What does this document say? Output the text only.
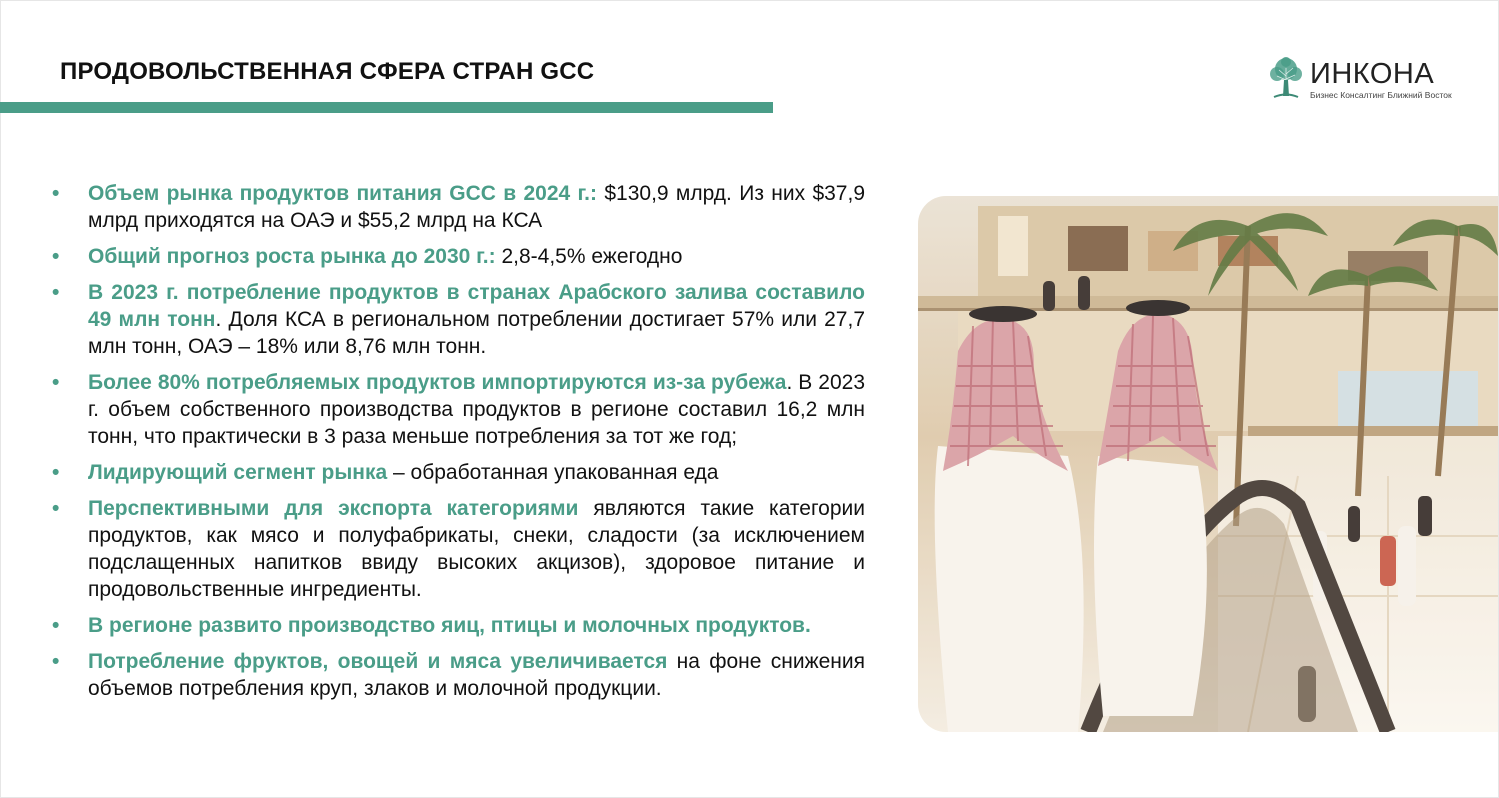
ПРОДОВОЛЬСТВЕННАЯ СФЕРА СТРАН GCC	ИНКОНА
Бизнес Консалтинг Ближний Восток
•	Объем рынка продуктов питания GCC в 2024 г.: $130,9 млрд. Из них $37,9 млрд приходятся на ОАЭ и $55,2 млрд на КСА
•	Общий прогноз роста рынка до 2030 г.: 2,8-4,5% ежегодно
•	В 2023 г. потребление продуктов в странах Арабского залива составило 49 млн тонн. Доля КСА в региональном потреблении достигает 57% или 27,7 млн тонн, ОАЭ – 18% или 8,76 млн тонн.
•	Более 80% потребляемых продуктов импортируются из-за рубежа. В 2023 г. объем собственного производства продуктов в регионе составил 16,2 млн тонн, что практически в 3 раза меньше потребления за тот же год;
•	Лидирующий сегмент рынка – обработанная упакованная еда
•	Перспективными для экспорта категориями являются такие категории продуктов, как мясо и полуфабрикаты, снеки, сладости (за исключением подслащенных напитков ввиду высоких акцизов), здоровое питание и продовольственные ингредиенты.
•	В регионе развито производство яиц, птицы и молочных продуктов.
•	Потребление фруктов, овощей и мяса увеличивается на фоне снижения объемов потребления круп, злаков и молочной продукции.
